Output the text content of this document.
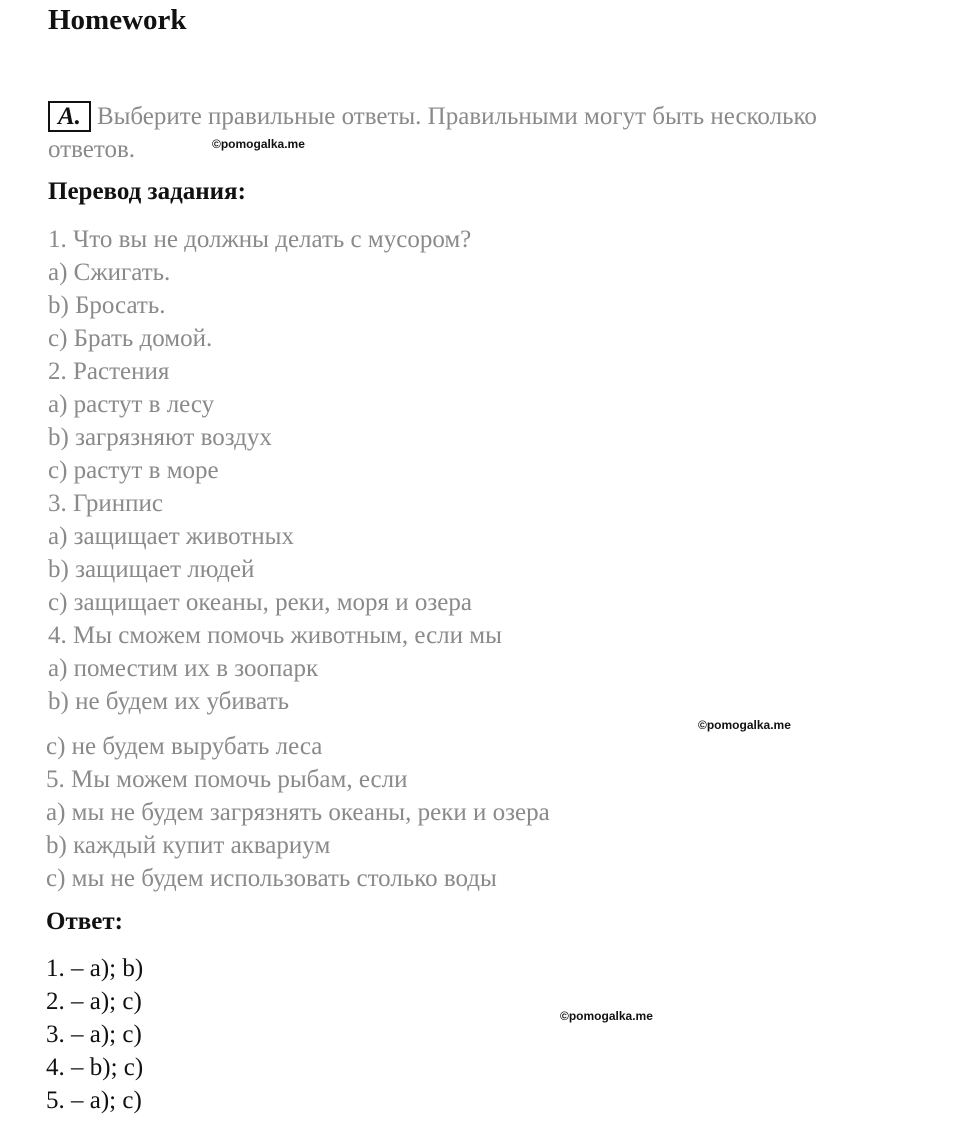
Homework
A. Выберите правильные ответы. Правильными могут быть несколько ответов.	©pomogalka.me
Перевод задания:
1. Что вы не должны делать с мусором?
a) Сжигать.
b) Бросать.
c) Брать домой.
2. Растения
a) растут в лесу
b) загрязняют воздух
c) растут в море
3. Гринпис
a) защищает животных
b) защищает людей
c) защищает океаны, реки, моря и озера
4. Мы сможем помочь животным, если мы
a) поместим их в зоопарк
b) не будем их убивать
©pomogalka.me
c) не будем вырубать леса
5. Мы можем помочь рыбам, если
a) мы не будем загрязнять океаны, реки и озера
b) каждый купит аквариум
c) мы не будем использовать столько воды
Ответ:
1. – a); b)
2. – a); c)
3. – a); c)
4. – b); c)
5. – a); c)
©pomogalka.me
